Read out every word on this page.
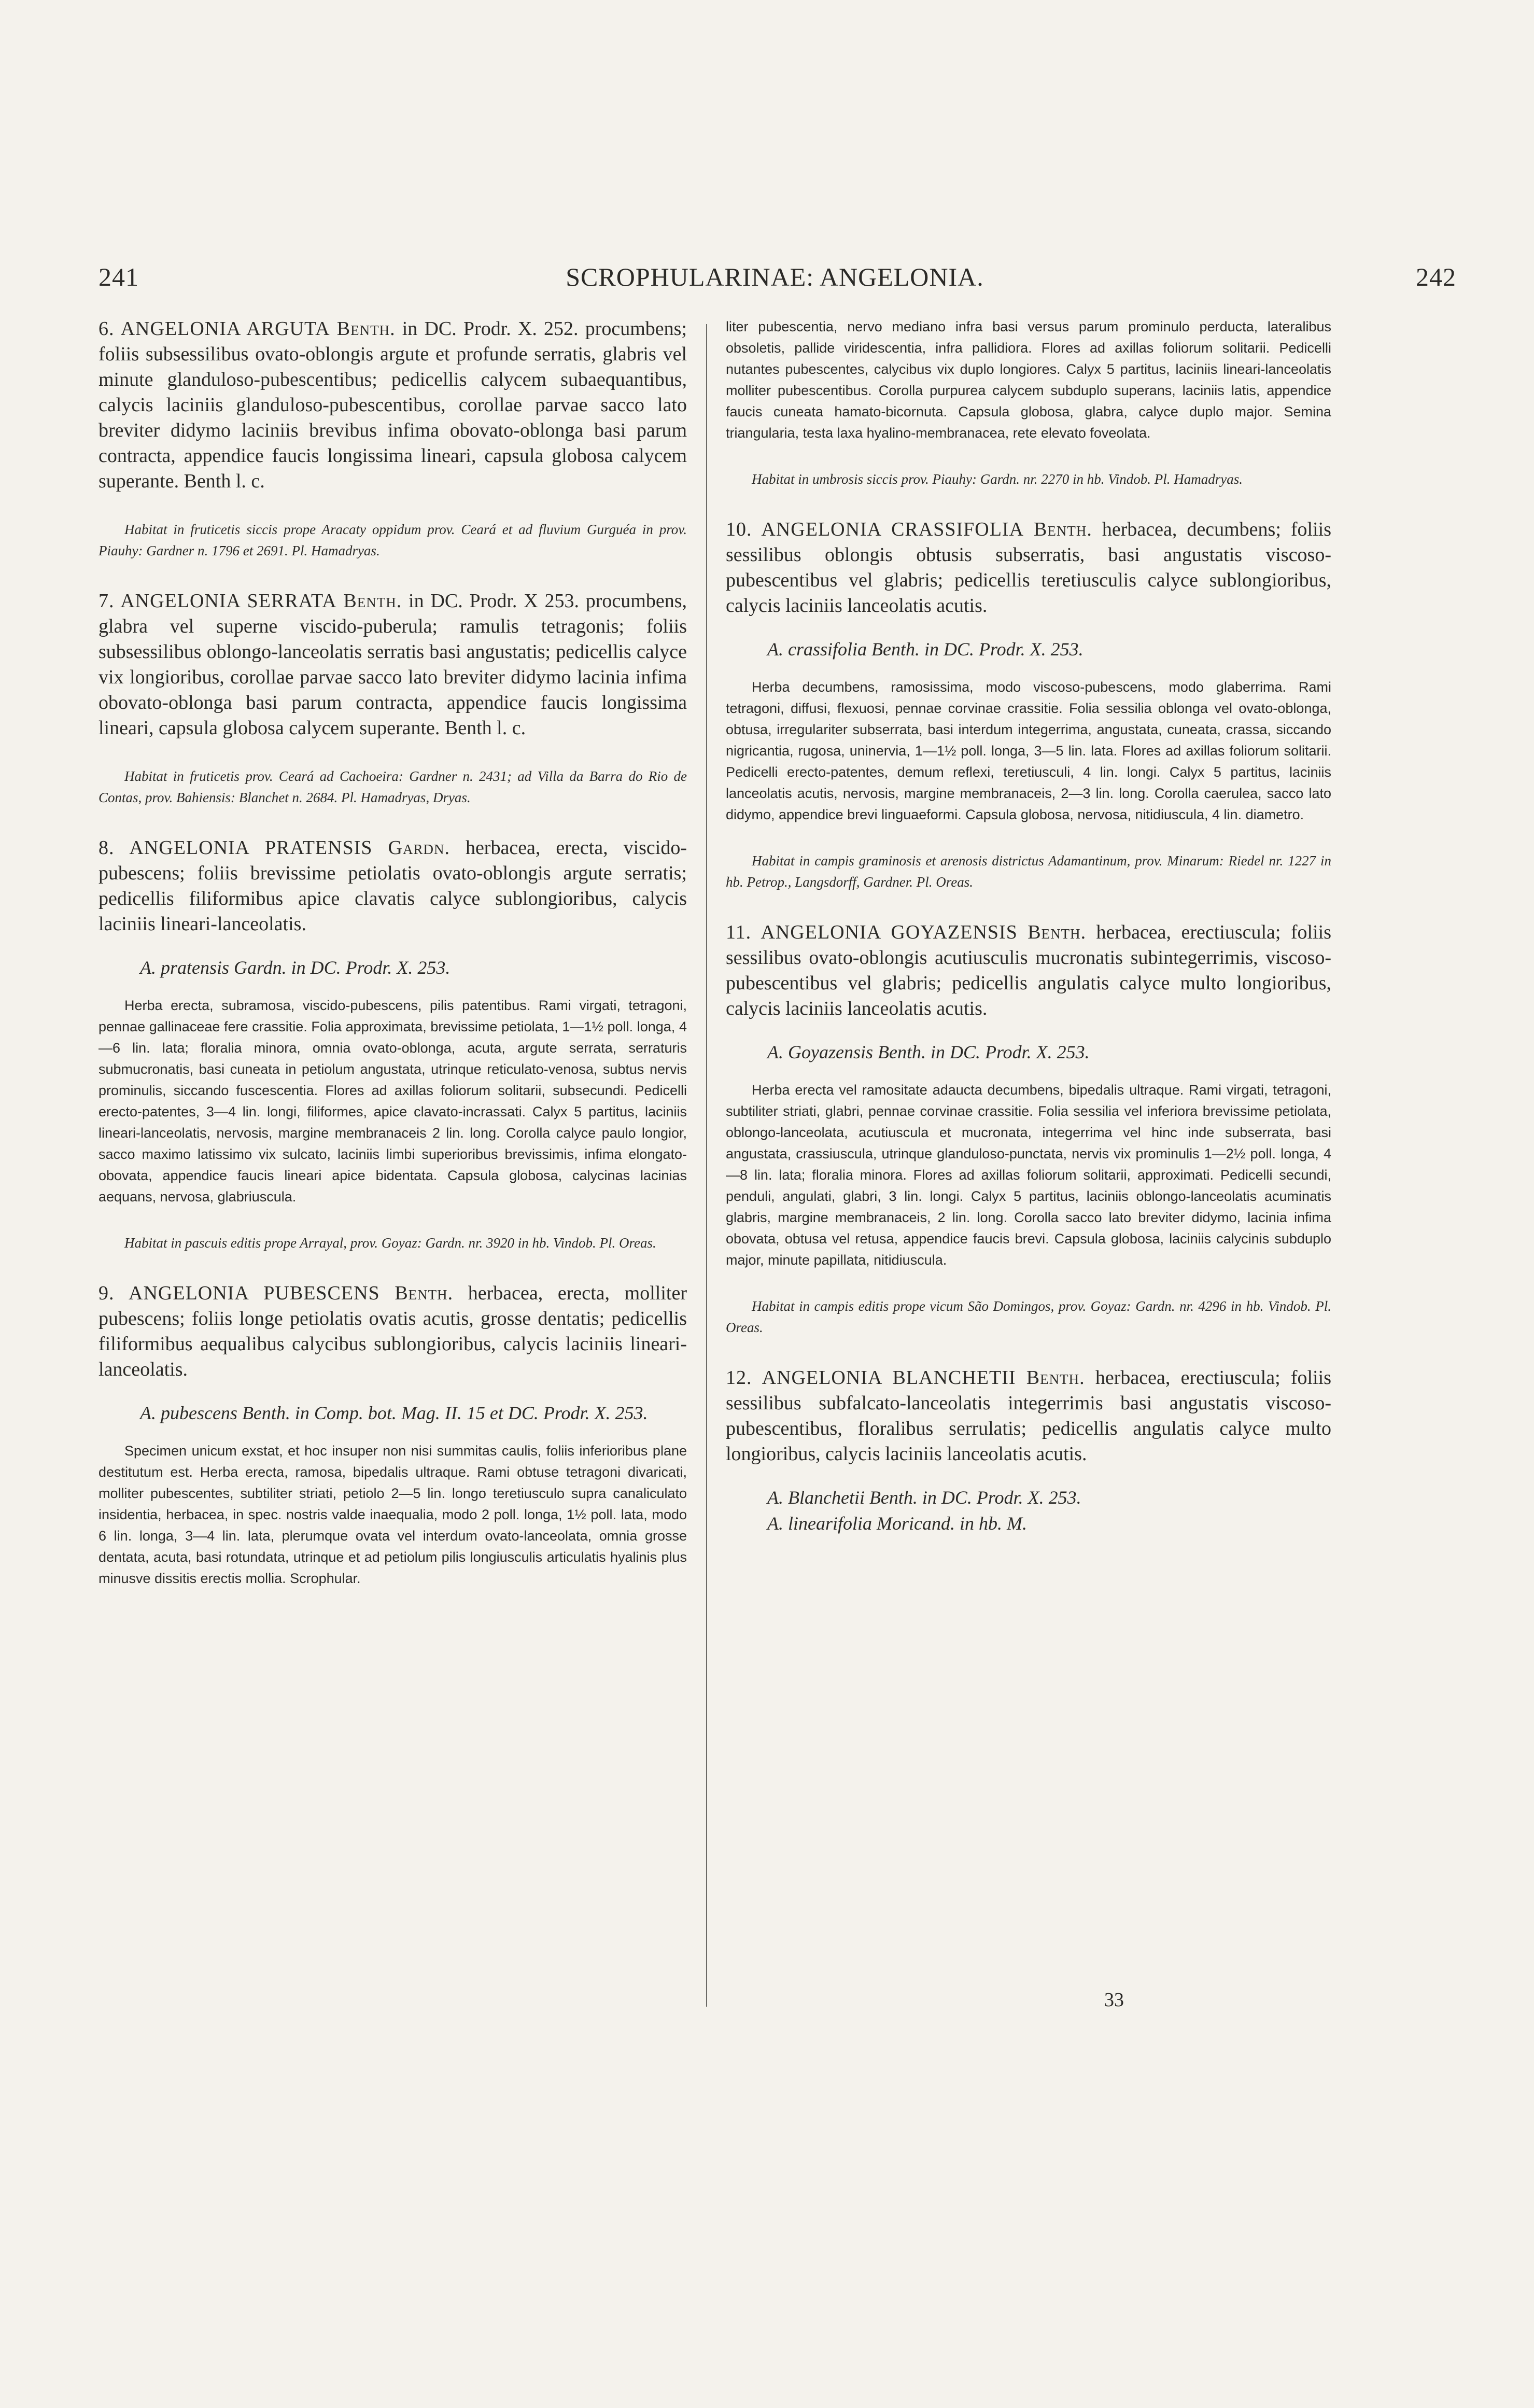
241	SCROPHULARINAE: ANGELONIA.	242

6. ANGELONIA ARGUTA Benth. in DC. Prodr. X. 252. procumbens; foliis subsessilibus ovato-oblongis argute et profunde serratis, glabris vel minute glanduloso-pubescentibus; pedicellis calycem subaequantibus, calycis laciniis glanduloso-pubescentibus, corollae parvae sacco lato breviter didymo laciniis brevibus infima obovato-oblonga basi parum contracta, appendice faucis longissima lineari, capsula globosa calycem superante. Benth l. c.

Habitat in fruticetis siccis prope Aracaty oppidum prov. Ceará et ad fluvium Gurguéa in prov. Piauhy: Gardner n. 1796 et 2691. Pl. Hamadryas.

7. ANGELONIA SERRATA Benth. in DC. Prodr. X 253. procumbens, glabra vel superne viscido-puberula; ramulis tetragonis; foliis subsessilibus oblongo-lanceolatis serratis basi angustatis; pedicellis calyce vix longioribus, corollae parvae sacco lato breviter didymo lacinia infima obovato-oblonga basi parum contracta, appendice faucis longissima lineari, capsula globosa calycem superante. Benth l. c.

Habitat in fruticetis prov. Ceará ad Cachoeira: Gardner n. 2431; ad Villa da Barra do Rio de Contas, prov. Bahiensis: Blanchet n. 2684. Pl. Hamadryas, Dryas.

8. ANGELONIA PRATENSIS Gardn. herbacea, erecta, viscido-pubescens; foliis brevissime petiolatis ovato-oblongis argute serratis; pedicellis filiformibus apice clavatis calyce sublongioribus, calycis laciniis lineari-lanceolatis.

A. pratensis Gardn. in DC. Prodr. X. 253.

Herba erecta, subramosa, viscido-pubescens, pilis patentibus. Rami virgati, tetragoni, pennae gallinaceae fere crassitie. Folia approximata, brevissime petiolata, 1—1½ poll. longa, 4—6 lin. lata; floralia minora, omnia ovato-oblonga, acuta, argute serrata, serraturis submucronatis, basi cuneata in petiolum angustata, utrinque reticulato-venosa, subtus nervis prominulis, siccando fuscescentia. Flores ad axillas foliorum solitarii, subsecundi. Pedicelli erecto-patentes, 3—4 lin. longi, filiformes, apice clavato-incrassati. Calyx 5 partitus, laciniis lineari-lanceolatis, nervosis, margine membranaceis 2 lin. long. Corolla calyce paulo longior, sacco maximo latissimo vix sulcato, laciniis limbi superioribus brevissimis, infima elongato-obovata, appendice faucis lineari apice bidentata. Capsula globosa, calycinas lacinias aequans, nervosa, glabriuscula.

Habitat in pascuis editis prope Arrayal, prov. Goyaz: Gardn. nr. 3920 in hb. Vindob. Pl. Oreas.

9. ANGELONIA PUBESCENS Benth. herbacea, erecta, molliter pubescens; foliis longe petiolatis ovatis acutis, grosse dentatis; pedicellis filiformibus aequalibus calycibus sublongioribus, calycis laciniis lineari-lanceolatis.

A. pubescens Benth. in Comp. bot. Mag. II. 15 et DC. Prodr. X. 253.

Specimen unicum exstat, et hoc insuper non nisi summitas caulis, foliis inferioribus plane destitutum est. Herba erecta, ramosa, bipedalis ultraque. Rami obtuse tetragoni divaricati, molliter pubescentes, subtiliter striati, petiolo 2—5 lin. longo teretiusculo supra canaliculato insidentia, herbacea, in spec. nostris valde inaequalia, modo 2 poll. longa, 1½ poll. lata, modo 6 lin. longa, 3—4 lin. lata, plerumque ovata vel interdum ovato-lanceolata, omnia grosse dentata, acuta, basi rotundata, utrinque et ad petiolum pilis longiusculis articulatis hyalinis plus minusve dissitis erectis mollia. Scrophular.

liter pubescentia, nervo mediano infra basi versus parum prominulo perducta, lateralibus obsoletis, pallide viridescentia, infra pallidiora. Flores ad axillas foliorum solitarii. Pedicelli nutantes pubescentes, calycibus vix duplo longiores. Calyx 5 partitus, laciniis lineari-lanceolatis molliter pubescentibus. Corolla purpurea calycem subduplo superans, laciniis latis, appendice faucis cuneata hamato-bicornuta. Capsula globosa, glabra, calyce duplo major. Semina triangularia, testa laxa hyalino-membranacea, rete elevato foveolata.

Habitat in umbrosis siccis prov. Piauhy: Gardn. nr. 2270 in hb. Vindob. Pl. Hamadryas.

10. ANGELONIA CRASSIFOLIA Benth. herbacea, decumbens; foliis sessilibus oblongis obtusis subserratis, basi angustatis viscoso-pubescentibus vel glabris; pedicellis teretiusculis calyce sublongioribus, calycis laciniis lanceolatis acutis.

A. crassifolia Benth. in DC. Prodr. X. 253.

Herba decumbens, ramosissima, modo viscoso-pubescens, modo glaberrima. Rami tetragoni, diffusi, flexuosi, pennae corvinae crassitie. Folia sessilia oblonga vel ovato-oblonga, obtusa, irregulariter subserrata, basi interdum integerrima, angustata, cuneata, crassa, siccando nigricantia, rugosa, uninervia, 1—1½ poll. longa, 3—5 lin. lata. Flores ad axillas foliorum solitarii. Pedicelli erecto-patentes, demum reflexi, teretiusculi, 4 lin. longi. Calyx 5 partitus, laciniis lanceolatis acutis, nervosis, margine membranaceis, 2—3 lin. long. Corolla caerulea, sacco lato didymo, appendice brevi linguaeformi. Capsula globosa, nervosa, nitidiuscula, 4 lin. diametro.

Habitat in campis graminosis et arenosis districtus Adamantinum, prov. Minarum: Riedel nr. 1227 in hb. Petrop., Langsdorff, Gardner. Pl. Oreas.

11. ANGELONIA GOYAZENSIS Benth. herbacea, erectiuscula; foliis sessilibus ovato-oblongis acutiusculis mucronatis subintegerrimis, viscoso-pubescentibus vel glabris; pedicellis angulatis calyce multo longioribus, calycis laciniis lanceolatis acutis.

A. Goyazensis Benth. in DC. Prodr. X. 253.

Herba erecta vel ramositate adaucta decumbens, bipedalis ultraque. Rami virgati, tetragoni, subtiliter striati, glabri, pennae corvinae crassitie. Folia sessilia vel inferiora brevissime petiolata, oblongo-lanceolata, acutiuscula et mucronata, integerrima vel hinc inde subserrata, basi angustata, crassiuscula, utrinque glanduloso-punctata, nervis vix prominulis 1—2½ poll. longa, 4—8 lin. lata; floralia minora. Flores ad axillas foliorum solitarii, approximati. Pedicelli secundi, penduli, angulati, glabri, 3 lin. longi. Calyx 5 partitus, laciniis oblongo-lanceolatis acuminatis glabris, margine membranaceis, 2 lin. long. Corolla sacco lato breviter didymo, lacinia infima obovata, obtusa vel retusa, appendice faucis brevi. Capsula globosa, laciniis calycinis subduplo major, minute papillata, nitidiuscula.

Habitat in campis editis prope vicum São Domingos, prov. Goyaz: Gardn. nr. 4296 in hb. Vindob. Pl. Oreas.

12. ANGELONIA BLANCHETII Benth. herbacea, erectiuscula; foliis sessilibus subfalcato-lanceolatis integerrimis basi angustatis viscoso-pubescentibus, floralibus serrulatis; pedicellis angulatis calyce multo longioribus, calycis laciniis lanceolatis acutis.

A. Blanchetii Benth. in DC. Prodr. X. 253.

A. linearifolia Moricand. in hb. M.

33
